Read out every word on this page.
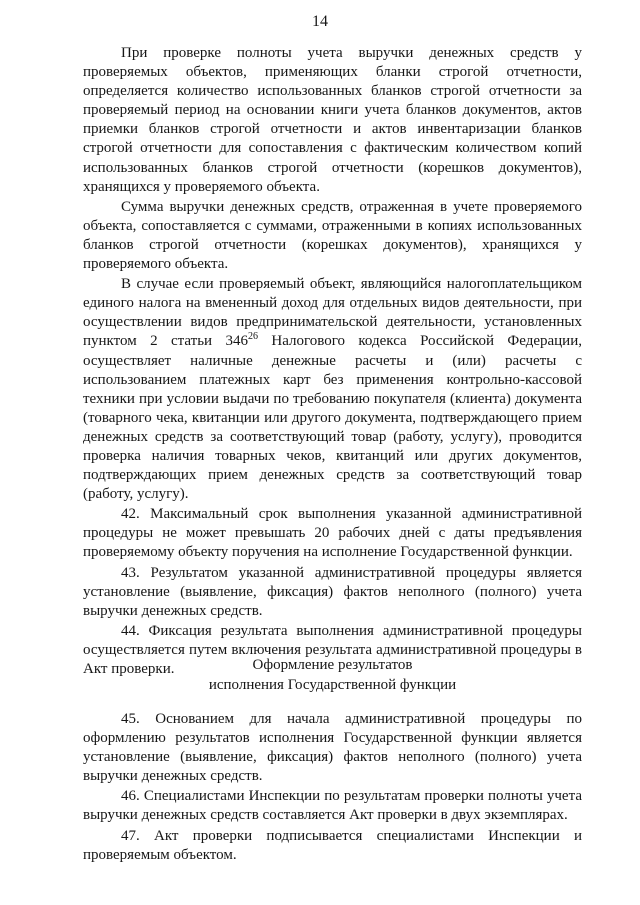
14

При проверке полноты учета выручки денежных средств у проверяемых объектов, применяющих бланки строгой отчетности, определяется количество использованных бланков строгой отчетности за проверяемый период на основании книги учета бланков документов, актов приемки бланков строгой отчетности и актов инвентаризации бланков строгой отчетности для сопоставления с фактическим количеством копий использованных бланков строгой отчетности (корешков документов), хранящихся у проверяемого объекта.

Сумма выручки денежных средств, отраженная в учете проверяемого объекта, сопоставляется с суммами, отраженными в копиях использованных бланков строгой отчетности (корешках документов), хранящихся у проверяемого объекта.

В случае если проверяемый объект, являющийся налогоплательщиком единого налога на вмененный доход для отдельных видов деятельности, при осуществлении видов предпринимательской деятельности, установленных пунктом 2 статьи $346^{26}$ Налогового кодекса Российской Федерации, осуществляет наличные денежные расчеты и (или) расчеты с использованием платежных карт без применения контрольно-кассовой техники при условии выдачи по требованию покупателя (клиента) документа (товарного чека, квитанции или другого документа, подтверждающего прием денежных средств за соответствующий товар (работу, услугу), проводится проверка наличия товарных чеков, квитанций или других документов, подтверждающих прием денежных средств за соответствующий товар (работу, услугу).

42. Максимальный срок выполнения указанной административной процедуры не может превышать 20 рабочих дней с даты предъявления проверяемому объекту поручения на исполнение Государственной функции.

43. Результатом указанной административной процедуры является установление (выявление, фиксация) фактов неполного (полного) учета выручки денежных средств.

44. Фиксация результата выполнения административной процедуры осуществляется путем включения результата административной процедуры в Акт проверки.	Оформление результатов
исполнения Государственной функции

45. Основанием для начала административной процедуры по оформлению результатов исполнения Государственной функции является установление (выявление, фиксация) фактов неполного (полного) учета выручки денежных средств.

46. Специалистами Инспекции по результатам проверки полноты учета выручки денежных средств составляется Акт проверки в двух экземплярах.

47. Акт проверки подписывается специалистами Инспекции и проверяемым объектом.
